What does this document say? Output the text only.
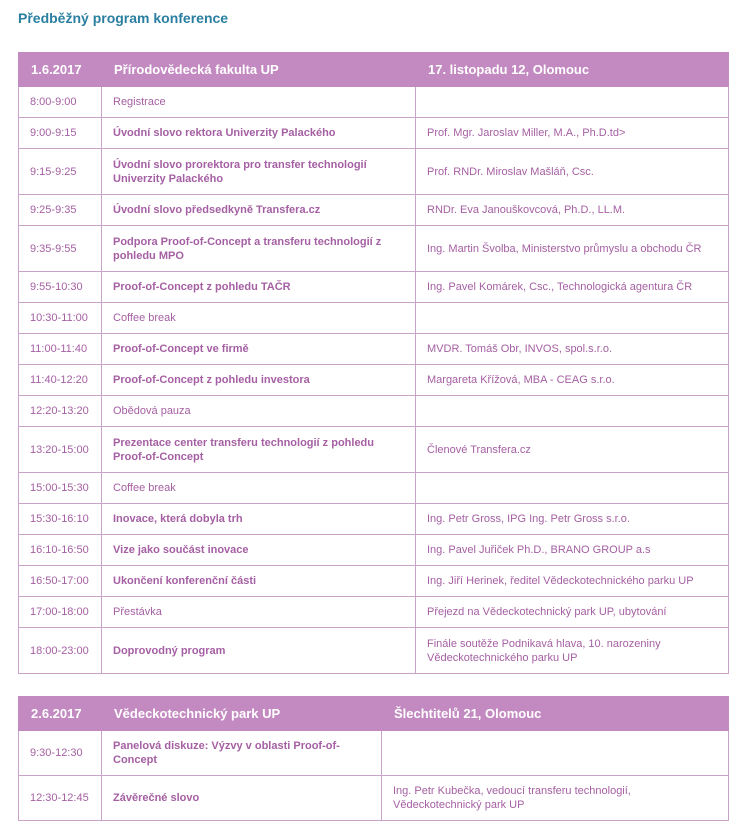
Předběžný program konference
1.6.2017	Přírodovědecká fakulta UP	17. listopadu 12, Olomouc
8:00-9:00	Registrace	
9:00-9:15	Úvodní slovo rektora Univerzity Palackého	Prof. Mgr. Jaroslav Miller, M.A., Ph.D.td>
9:15-9:25	Úvodní slovo prorektora pro transfer technologií Univerzity Palackého	Prof. RNDr. Miroslav Mašláň, Csc.
9:25-9:35	Úvodní slovo předsedkyně Transfera.cz	RNDr. Eva Janouškovcová, Ph.D., LL.M.
9:35-9:55	Podpora Proof-of-Concept a transferu technologií z pohledu MPO	Ing. Martin Švolba, Ministerstvo průmyslu a obchodu ČR
9:55-10:30	Proof-of-Concept z pohledu TAČR	Ing. Pavel Komárek, Csc., Technologická agentura ČR
10:30-11:00	Coffee break	
11:00-11:40	Proof-of-Concept ve firmě	MVDR. Tomáš Obr, INVOS, spol.s.r.o.
11:40-12:20	Proof-of-Concept z pohledu investora	Margareta Křížová, MBA - CEAG s.r.o.
12:20-13:20	Obědová pauza	
13:20-15:00	Prezentace center transferu technologií z pohledu Proof-of-Concept	Členové Transfera.cz
15:00-15:30	Coffee break	
15:30-16:10	Inovace, která dobyla trh	Ing. Petr Gross, IPG Ing. Petr Gross s.r.o.
16:10-16:50	Vize jako součást inovace	Ing. Pavel Juřiček Ph.D., BRANO GROUP a.s
16:50-17:00	Ukončení konferenční části	Ing. Jiří Herinek, ředitel Vědeckotechnického parku UP
17:00-18:00	Přestávka	Přejezd na Vědeckotechnický park UP, ubytování
18:00-23:00	Doprovodný program	Finále soutěže Podnikavá hlava, 10. narozeniny Vědeckotechnického parku UP
2.6.2017	Vědeckotechnický park UP	Šlechtitelů 21, Olomouc
9:30-12:30	Panelová diskuze: Výzvy v oblasti Proof-of-Concept	
12:30-12:45	Závěrečné slovo	Ing. Petr Kubečka, vedoucí transferu technologií, Vědeckotechnický park UP
